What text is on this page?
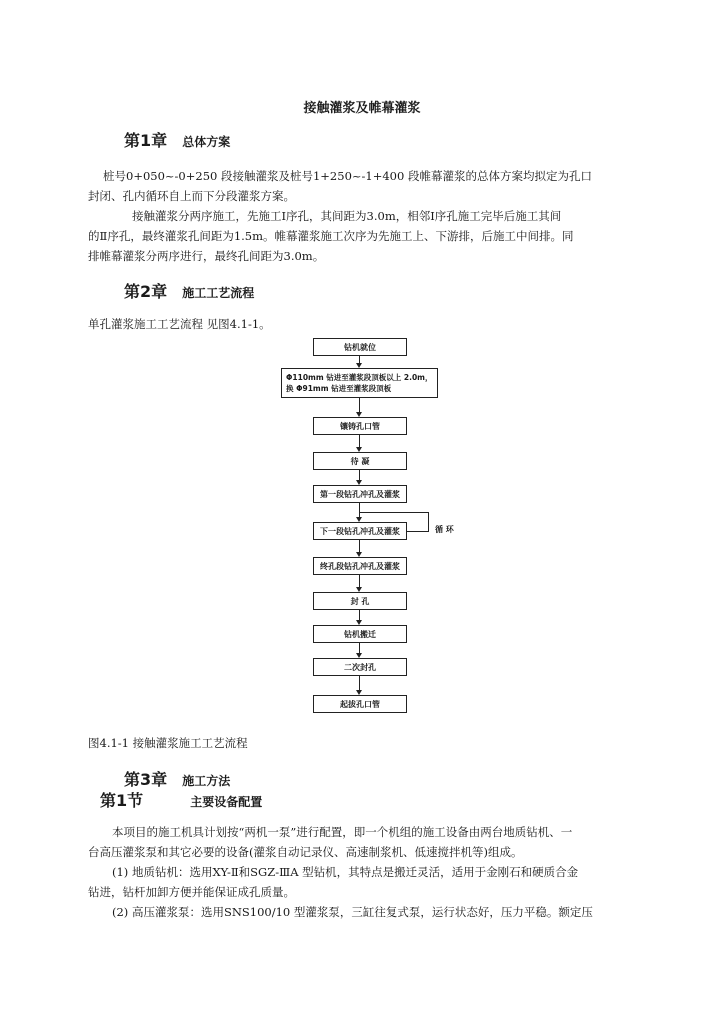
接触灌浆及帷幕灌浆
第1章 总体方案
桩号0+050~-0+250 段接触灌浆及桩号1+250~-1+400 段帷幕灌浆的总体方案均拟定为孔口
封闭、孔内循环自上而下分段灌浆方案。
接触灌浆分两序施工，先施工Ⅰ序孔，其间距为3.0m，相邻Ⅰ序孔施工完毕后施工其间
的Ⅱ序孔，最终灌浆孔间距为1.5m。帷幕灌浆施工次序为先施工上、下游排，后施工中间排。同
排帷幕灌浆分两序进行，最终孔间距为3.0m。
第2章 施工工艺流程
单孔灌浆施工工艺流程 见图4.1-1。
钻机就位
Φ110mm 钻进至灌浆段顶板以上 2.0m，
换 Φ91mm 钻进至灌浆段顶板
镶铸孔口管
待 凝
第一段钻孔冲孔及灌浆
下一段钻孔冲孔及灌浆	循 环
终孔段钻孔冲孔及灌浆
封 孔
钻机搬迁
二次封孔
起拔孔口管
图4.1-1 接触灌浆施工工艺流程
第3章 施工方法
第1节	主要设备配置
本项目的施工机具计划按“两机一泵”进行配置，即一个机组的施工设备由两台地质钻机、一
台高压灌浆泵和其它必要的设备(灌浆自动记录仪、高速制浆机、低速搅拌机等)组成。
(1) 地质钻机：选用XY-Ⅱ和SGZ-ⅢA 型钻机，其特点是搬迁灵活，适用于金刚石和硬质合金
钻进，钻杆加卸方便并能保证成孔质量。
(2) 高压灌浆泵：选用SNS100/10 型灌浆泵，三缸往复式泵，运行状态好，压力平稳。额定压
